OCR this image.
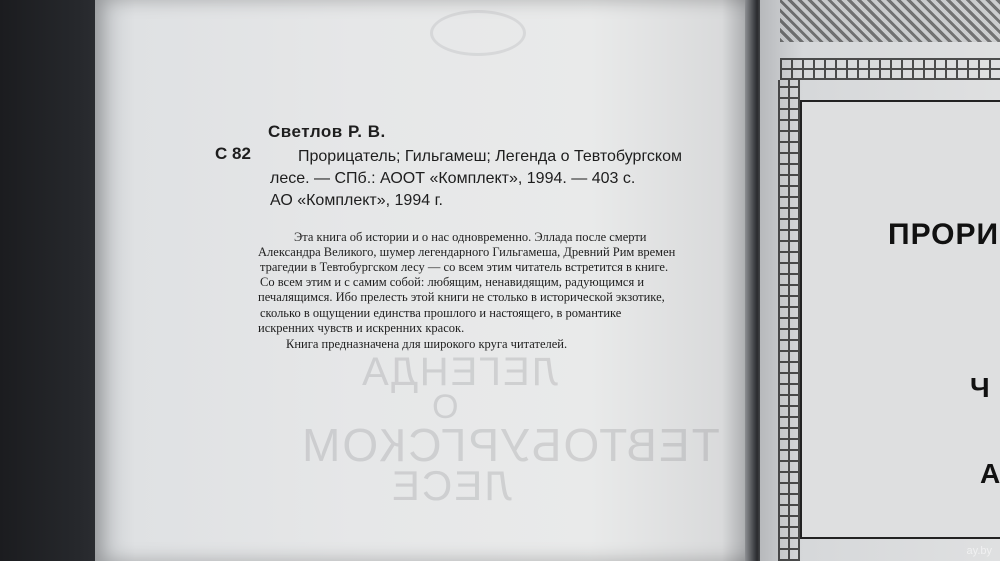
ЛЕГЕНДА
О
ТЕВТОБУРГСКОМ
ЛЕСЕ
Светлов Р. В.
С 82	Прорицатель; Гильгамеш; Легенда о Тевтобургском
лесе. — СПб.: АООТ «Комплект», 1994. — 403 с.
АО «Комплект», 1994 г.
Эта книга об истории и о нас одновременно. Эллада после смерти
Александра Великого, шумер легендарного Гильгамеша, Древний Рим времен
трагедии в Тевтобургском лесу — со всем этим читатель встретится в книге.
Со всем этим и с самим собой: любящим, ненавидящим, радующимся и
печалящимся. Ибо прелесть этой книги не столько в исторической экзотике,
сколько в ощущении единства прошлого и настоящего, в романтике
искренних чувств и искренних красок.
Книга предназначена для широкого круга читателей.
ПРОРИ
Ч
А
ay.by
